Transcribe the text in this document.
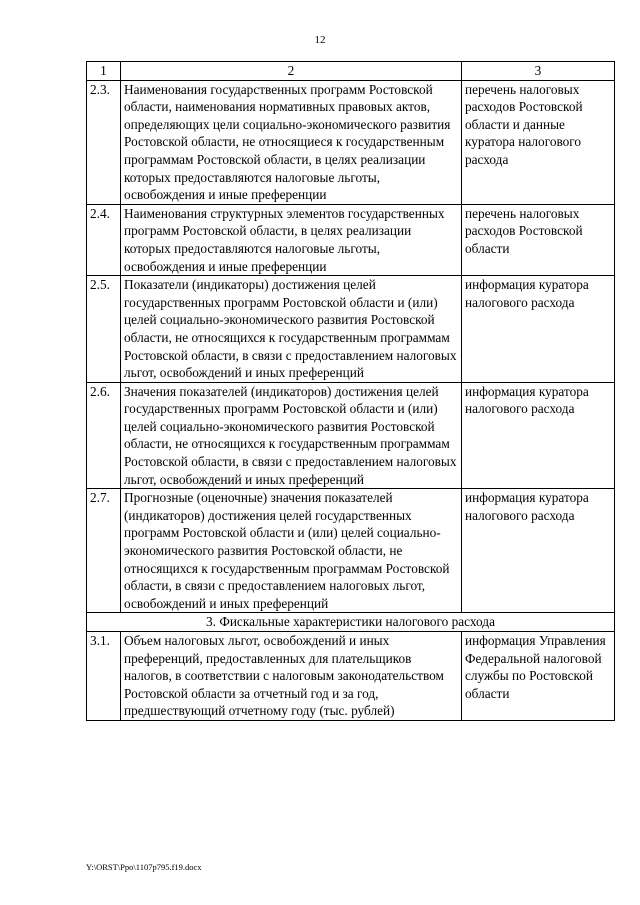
12
1	2	3
2.3.	Наименования государственных программ Ростовской области, наименования нормативных правовых актов, определяющих цели социально-экономического развития Ростовской области, не относящиеся к государственным программам Ростовской области, в целях реализации которых предоставляются налоговые льготы, освобождения и иные преференции	перечень налоговых расходов Ростовской области и данные куратора налогового расхода
2.4.	Наименования структурных элементов государственных программ Ростовской области, в целях реализации которых предоставляются налоговые льготы, освобождения и иные преференции	перечень налоговых расходов Ростовской области
2.5.	Показатели (индикаторы) достижения целей государственных программ Ростовской области и (или) целей социально-экономического развития Ростовской области, не относящихся к государственным программам Ростовской области, в связи с предоставлением налоговых льгот, освобождений и иных преференций	информация куратора налогового расхода
2.6.	Значения показателей (индикаторов) достижения целей государственных программ Ростовской области и (или) целей социально-экономического развития Ростовской области, не относящихся к государственным программам Ростовской области, в связи с предоставлением налоговых льгот, освобождений и иных преференций	информация куратора налогового расхода
2.7.	Прогнозные (оценочные) значения показателей (индикаторов) достижения целей государственных программ Ростовской области и (или) целей социально-экономического развития Ростовской области, не относящихся к государственным программам Ростовской области, в связи с предоставлением налоговых льгот, освобождений и иных преференций	информация куратора налогового расхода
3. Фискальные характеристики налогового расхода		
3.1.	Объем налоговых льгот, освобождений и иных преференций, предоставленных для плательщиков налогов, в соответствии с налоговым законодательством Ростовской области за отчетный год и за год, предшествующий отчетному году (тыс. рублей)	информация Управления Федеральной налоговой службы по Ростовской области
Y:\ORST\Ppo\1107p795.f19.docx
